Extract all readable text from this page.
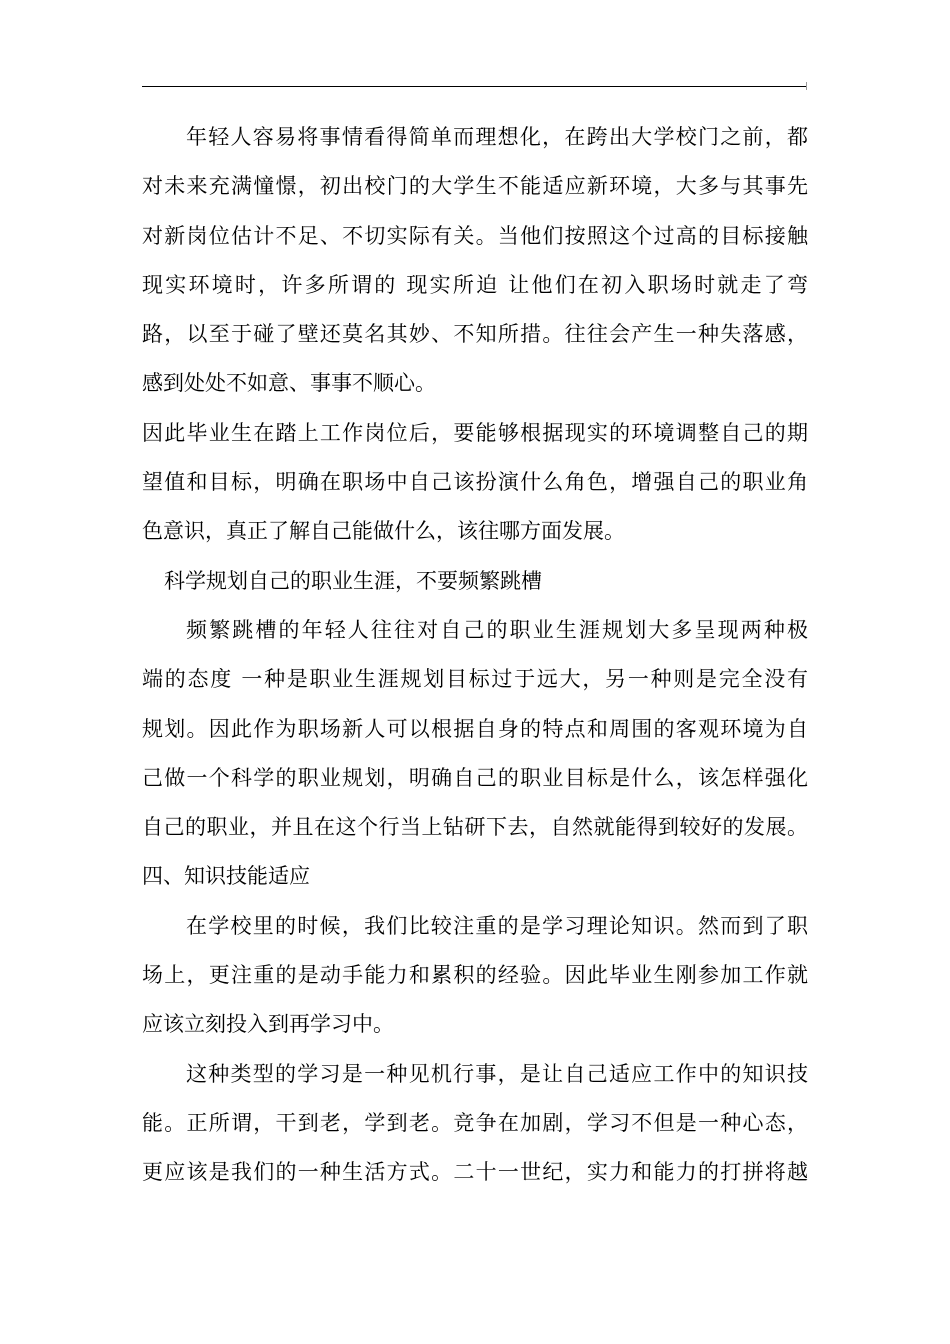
年轻人容易将事情看得简单而理想化，在跨出大学校门之前，都
对未来充满憧憬，初出校门的大学生不能适应新环境，大多与其事先
对新岗位估计不足、不切实际有关。当他们按照这个过高的目标接触
现实环境时，许多所谓的 现实所迫 让他们在初入职场时就走了弯
路，以至于碰了壁还莫名其妙、不知所措。往往会产生一种失落感，
感到处处不如意、事事不顺心。
因此毕业生在踏上工作岗位后，要能够根据现实的环境调整自己的期
望值和目标，明确在职场中自己该扮演什么角色，增强自己的职业角
色意识，真正了解自己能做什么，该往哪方面发展。
科学规划自己的职业生涯，不要频繁跳槽
频繁跳槽的年轻人往往对自己的职业生涯规划大多呈现两种极
端的态度 一种是职业生涯规划目标过于远大，另一种则是完全没有
规划。因此作为职场新人可以根据自身的特点和周围的客观环境为自
己做一个科学的职业规划，明确自己的职业目标是什么，该怎样强化
自己的职业，并且在这个行当上钻研下去，自然就能得到较好的发展。
四、知识技能适应
在学校里的时候，我们比较注重的是学习理论知识。然而到了职
场上，更注重的是动手能力和累积的经验。因此毕业生刚参加工作就
应该立刻投入到再学习中。
这种类型的学习是一种见机行事，是让自己适应工作中的知识技
能。正所谓，干到老，学到老。竞争在加剧，学习不但是一种心态，
更应该是我们的一种生活方式。二十一世纪，实力和能力的打拼将越
